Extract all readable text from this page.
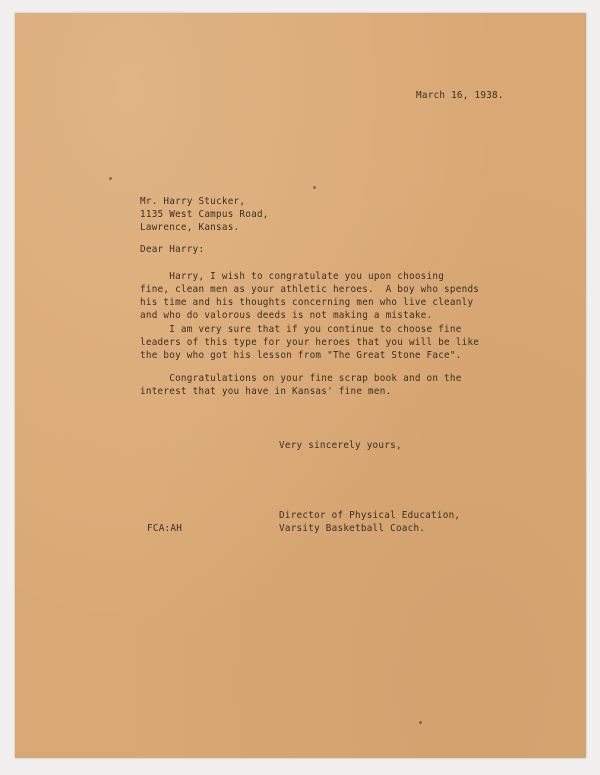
March 16, 1938.
Mr. Harry Stucker,
1135 West Campus Road,
Lawrence, Kansas.
Dear Harry:
Harry, I wish to congratulate you upon choosing
fine, clean men as your athletic heroes.  A boy who spends
his time and his thoughts concerning men who live cleanly
and who do valorous deeds is not making a mistake.
I am very sure that if you continue to choose fine
leaders of this type for your heroes that you will be like
the boy who got his lesson from "The Great Stone Face".
Congratulations on your fine scrap book and on the
interest that you have in Kansas' fine men.
Very sincerely yours,
Director of Physical Education,
Varsity Basketball Coach.
FCA:AH
